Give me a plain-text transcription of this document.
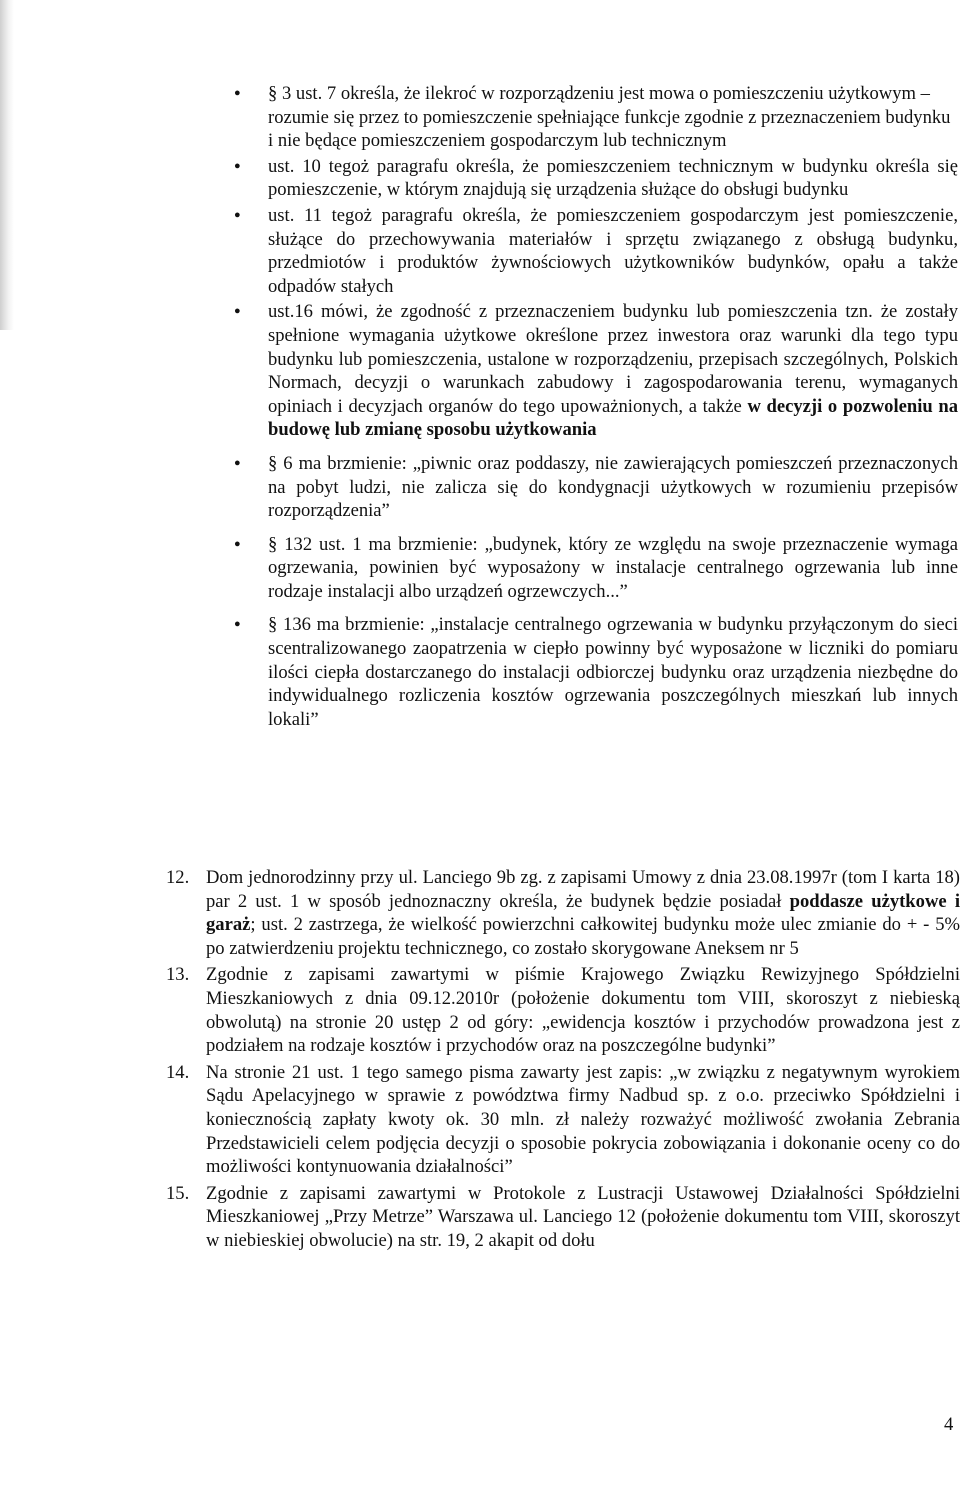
● § 3 ust. 7 określa, że ilekroć w rozporządzeniu jest mowa o pomieszczeniu użytkowym – rozumie się przez to pomieszczenie spełniające funkcje zgodnie z przeznaczeniem budynku i nie będące pomieszczeniem gospodarczym lub technicznym
● ust. 10 tegoż paragrafu określa, że pomieszczeniem technicznym w budynku określa się pomieszczenie, w którym znajdują się urządzenia służące do obsługi budynku
● ust. 11 tegoż paragrafu określa, że pomieszczeniem gospodarczym jest pomieszczenie, służące do przechowywania materiałów i sprzętu związanego z obsługą budynku, przedmiotów i produktów żywnościowych użytkowników budynków, opału a także odpadów stałych
● ust.16 mówi, że zgodność z przeznaczeniem budynku lub pomieszczenia tzn. że zostały spełnione wymagania użytkowe określone przez inwestora oraz warunki dla tego typu budynku lub pomieszczenia, ustalone w rozporządzeniu, przepisach szczególnych, Polskich Normach, decyzji o warunkach zabudowy i zagospodarowania terenu, wymaganych opiniach i decyzjach organów do tego upoważnionych, a także w decyzji o pozwoleniu na budowę lub zmianę sposobu użytkowania
● § 6 ma brzmienie: „piwnic oraz poddaszy, nie zawierających pomieszczeń przeznaczonych na pobyt ludzi, nie zalicza się do kondygnacji użytkowych w rozumieniu przepisów rozporządzenia”
● § 132 ust. 1 ma brzmienie: „budynek, który ze względu na swoje przeznaczenie wymaga ogrzewania, powinien być wyposażony w instalacje centralnego ogrzewania lub inne rodzaje instalacji albo urządzeń ogrzewczych...”
● § 136 ma brzmienie: „instalacje centralnego ogrzewania w budynku przyłączonym do sieci scentralizowanego zaopatrzenia w ciepło powinny być wyposażone w liczniki do pomiaru ilości ciepła dostarczanego do instalacji odbiorczej budynku oraz urządzenia niezbędne do indywidualnego rozliczenia kosztów ogrzewania poszczególnych mieszkań lub innych lokali”
12. Dom jednorodzinny przy ul. Lanciego 9b zg. z zapisami Umowy z dnia 23.08.1997r (tom I karta 18) par 2 ust. 1 w sposób jednoznaczny określa, że budynek będzie posiadał poddasze użytkowe i garaż; ust. 2 zastrzega, że wielkość powierzchni całkowitej budynku może ulec zmianie do + - 5% po zatwierdzeniu projektu technicznego, co zostało skorygowane Aneksem nr 5
13. Zgodnie z zapisami zawartymi w piśmie Krajowego Związku Rewizyjnego Spółdzielni Mieszkaniowych z dnia 09.12.2010r (położenie dokumentu tom VIII, skoroszyt z niebieską obwolutą) na stronie 20 ustęp 2 od góry: „ewidencja kosztów i przychodów prowadzona jest z podziałem na rodzaje kosztów i przychodów oraz na poszczególne budynki”
14. Na stronie 21 ust. 1 tego samego pisma zawarty jest zapis: „w związku z negatywnym wyrokiem Sądu Apelacyjnego w sprawie z powództwa firmy Nadbud sp. z o.o. przeciwko Spółdzielni i koniecznością zapłaty kwoty ok. 30 mln. zł należy rozważyć możliwość zwołania Zebrania Przedstawicieli celem podjęcia decyzji o sposobie pokrycia zobowiązania i dokonanie oceny co do możliwości kontynuowania działalności”
15. Zgodnie z zapisami zawartymi w Protokole z Lustracji Ustawowej Działalności Spółdzielni Mieszkaniowej „Przy Metrze” Warszawa ul. Lanciego 12 (położenie dokumentu tom VIII, skoroszyt w niebieskiej obwolucie) na str. 19, 2 akapit od dołu
4
